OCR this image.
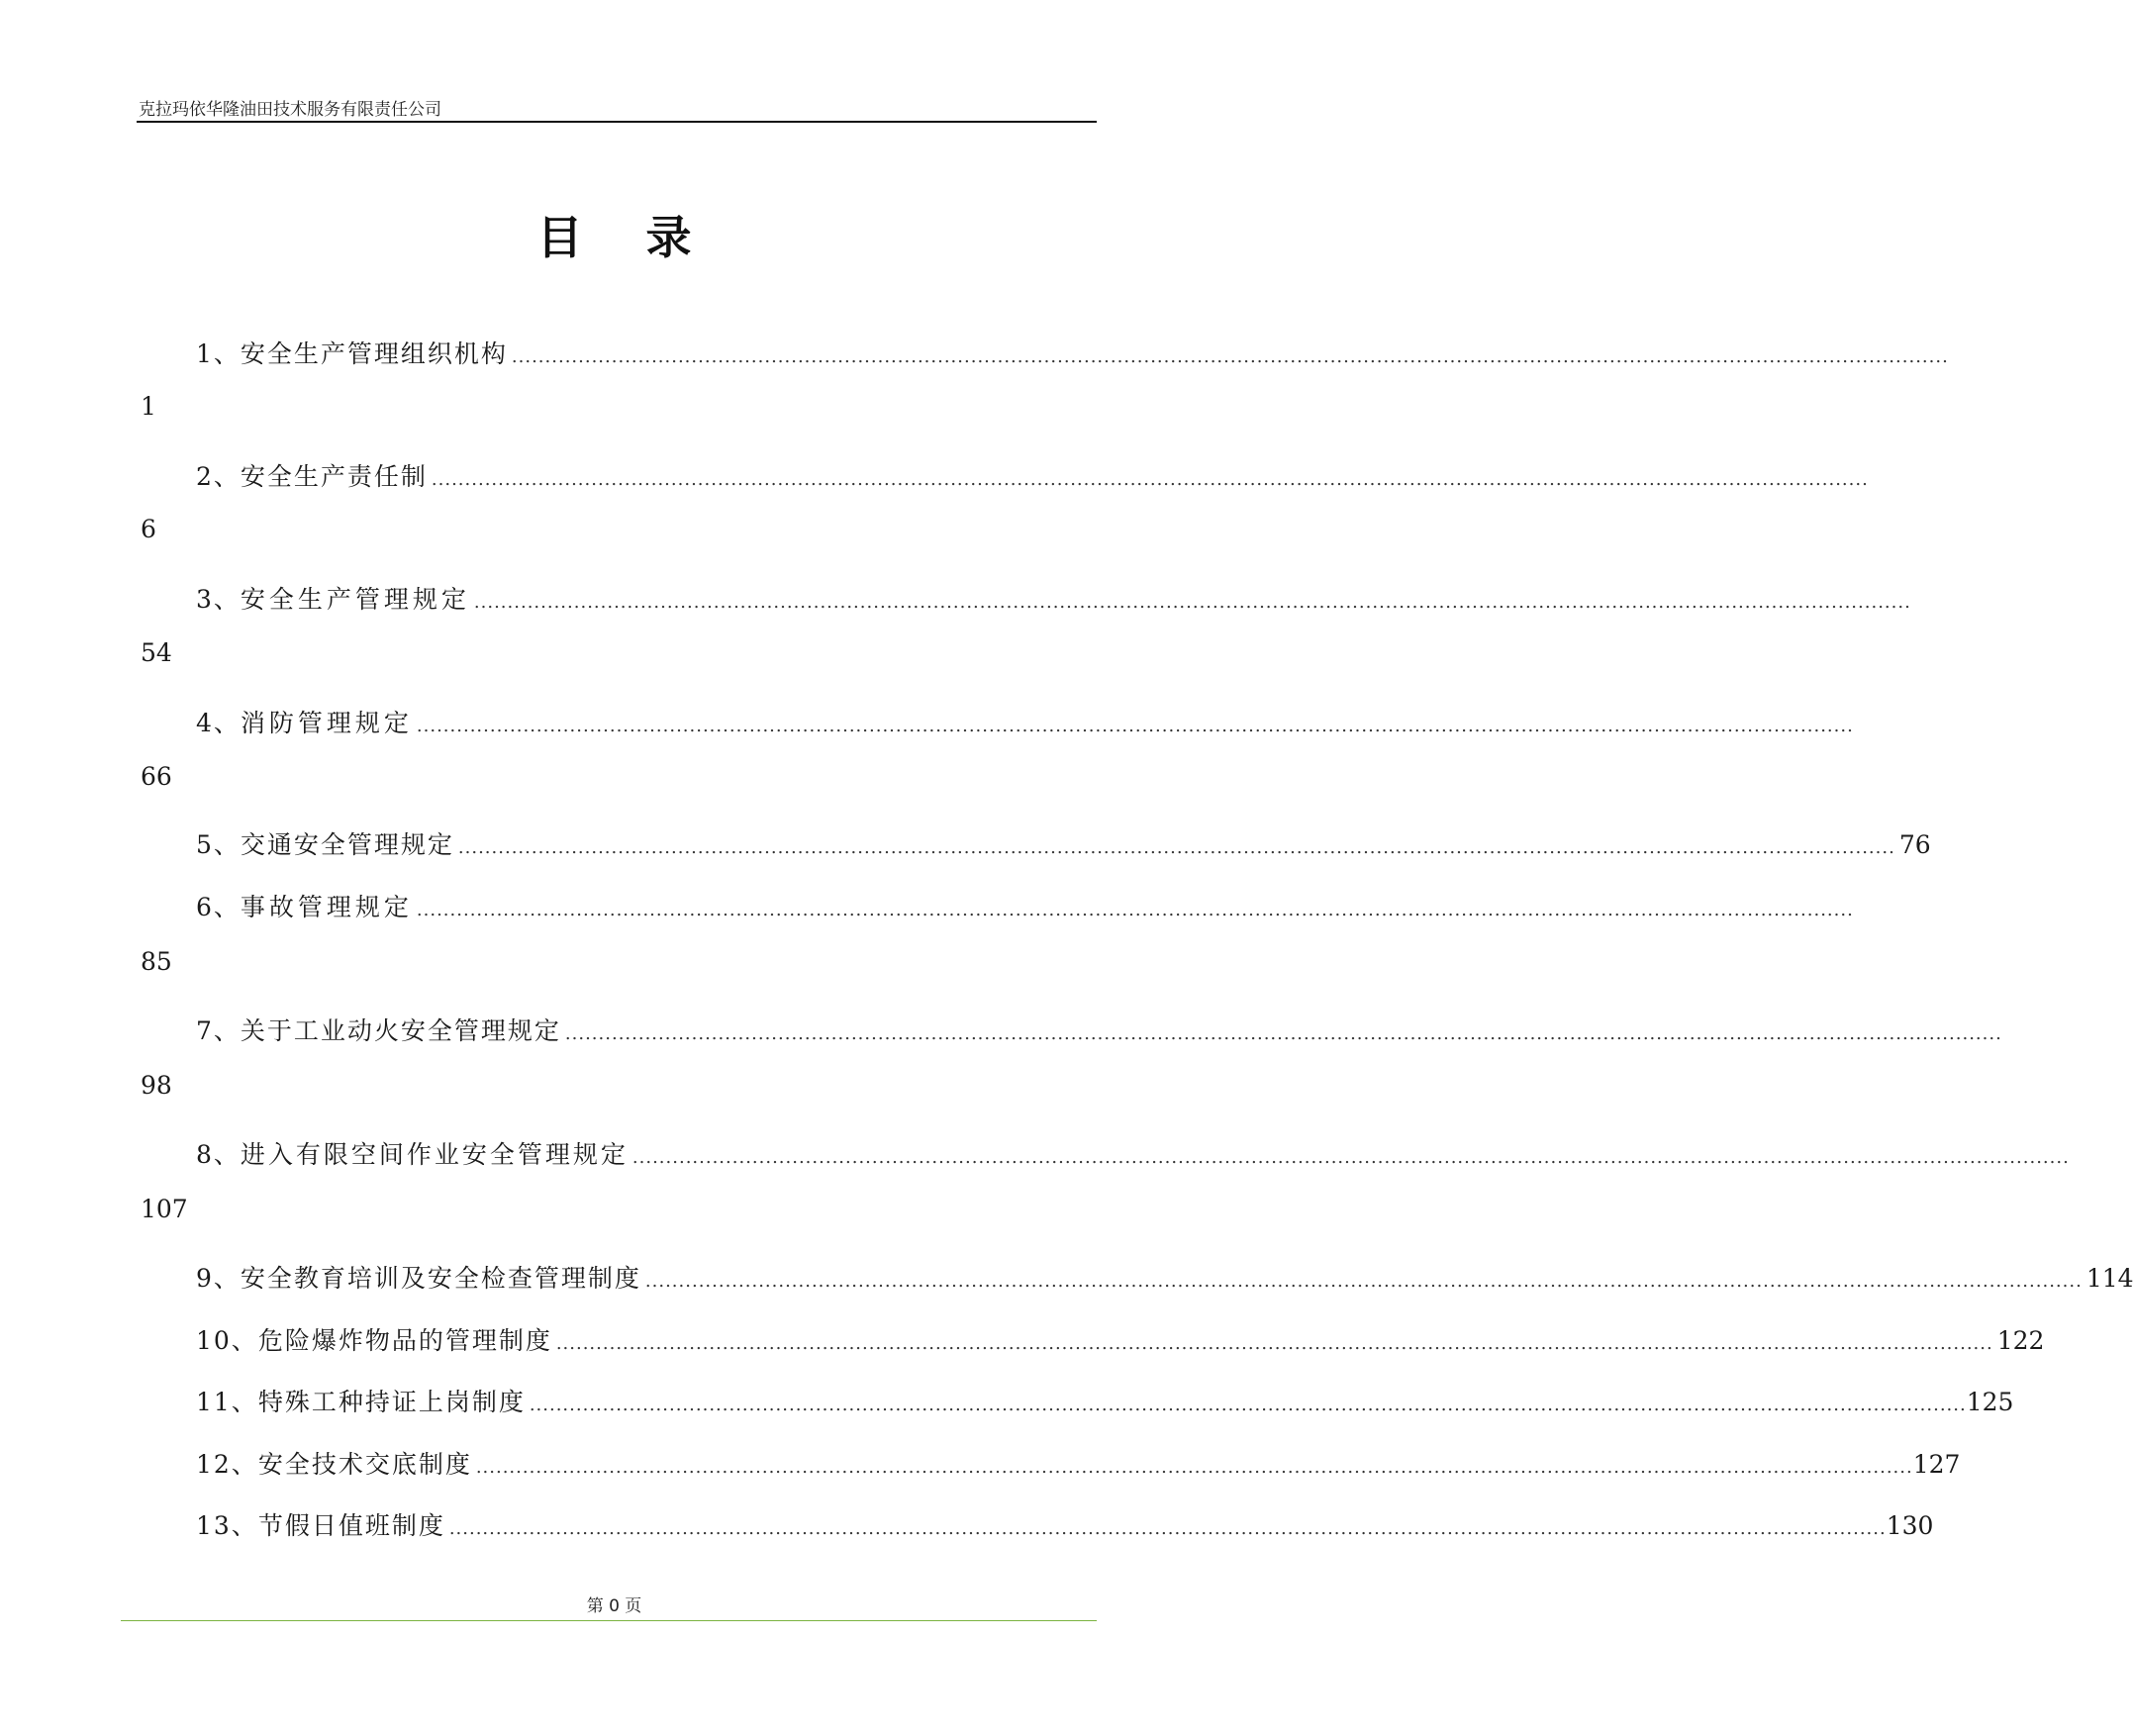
克拉玛依华隆油田技术服务有限责任公司
目录
1、 安全生产管理组织机构 ........................................................................................................................................................................................................................
1
2、 安全生产责任制 ........................................................................................................................................................................................................................
6
3、 安全生产管理规定 ........................................................................................................................................................................................................................
54
4、 消防管理规定 ........................................................................................................................................................................................................................
66
5、 交通安全管理规定 ........................................................................................................................................................................................................................ 76
6、 事故管理规定 ........................................................................................................................................................................................................................
85
7、 关于工业动火安全管理规定 ........................................................................................................................................................................................................................
98
8、 进入有限空间作业安全管理规定 ........................................................................................................................................................................................................................
107
9、 安全教育培训及安全检查管理制度 ........................................................................................................................................................................................................................ 114
10、 危险爆炸物品的管理制度 ........................................................................................................................................................................................................................ 122
11、 特殊工种持证上岗制度 ........................................................................................................................................................................................................................ 125
12、 安全技术交底制度 ........................................................................................................................................................................................................................ 127
13、 节假日值班制度 ........................................................................................................................................................................................................................ 130
第 0 页
